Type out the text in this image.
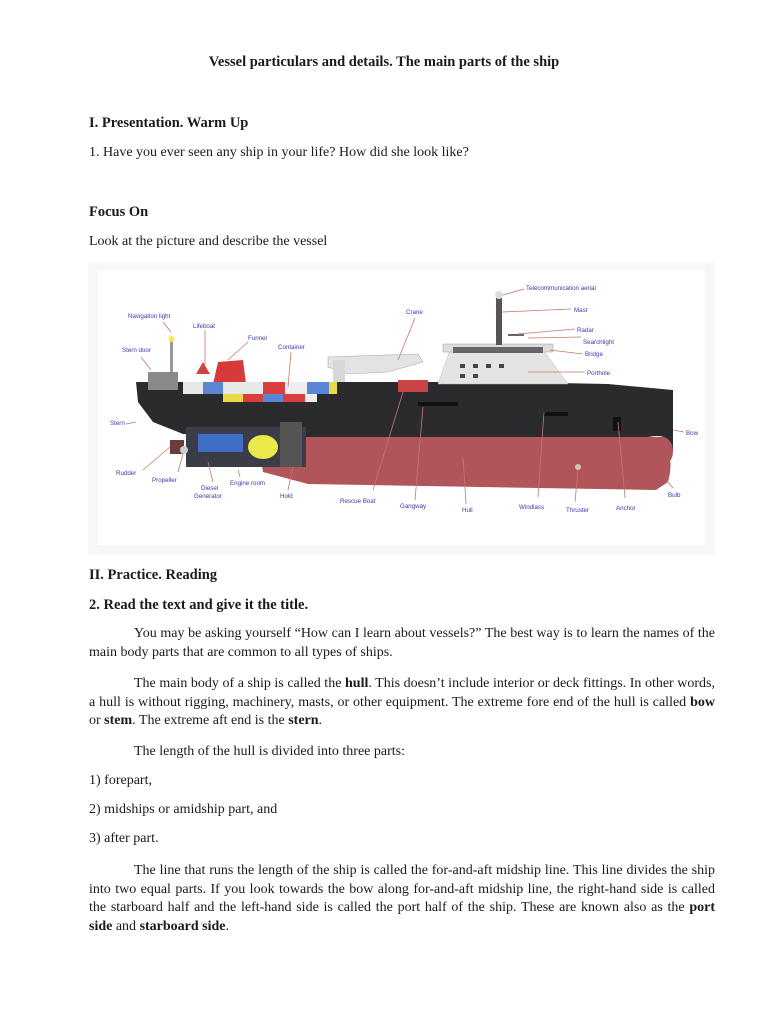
Vessel particulars and details. The main parts of the ship
I. Presentation. Warm Up
1. Have you ever seen any ship in your life? How did she look like?
Focus On
Look at the picture and describe the vessel
Telecommunication aerial
Mast
Radar
Searchlight
Bridge
Porthole
Crane
Navigation light
Lifeboat
Funnel
Stern door	Container
Stern
Bow
Rudder
Propeller
Diesel
Generator
Engine room
Hold
Rescue Boat
Gangway
Hull	Windlass	Thruster	Anchor
Bulb
II. Practice. Reading
2. Read the text and give it the title.
You may be asking yourself “How can I learn about vessels?” The best way is to learn the names of the main body parts that are common to all types of ships.
The main body of a ship is called the hull. This doesn’t include interior or deck fittings. In other words, a hull is without rigging, machinery, masts, or other equipment. The extreme fore end of the hull is called bow or stem. The extreme aft end is the stern.
The length of the hull is divided into three parts:
1) forepart,
2) midships or amidship part, and
3) after part.
The line that runs the length of the ship is called the for-and-aft midship line. This line divides the ship into two equal parts. If you look towards the bow along for-and-aft midship line, the right-hand side is called the starboard half and the left-hand side is called the port half of the ship. These are known also as the port side and starboard side.
